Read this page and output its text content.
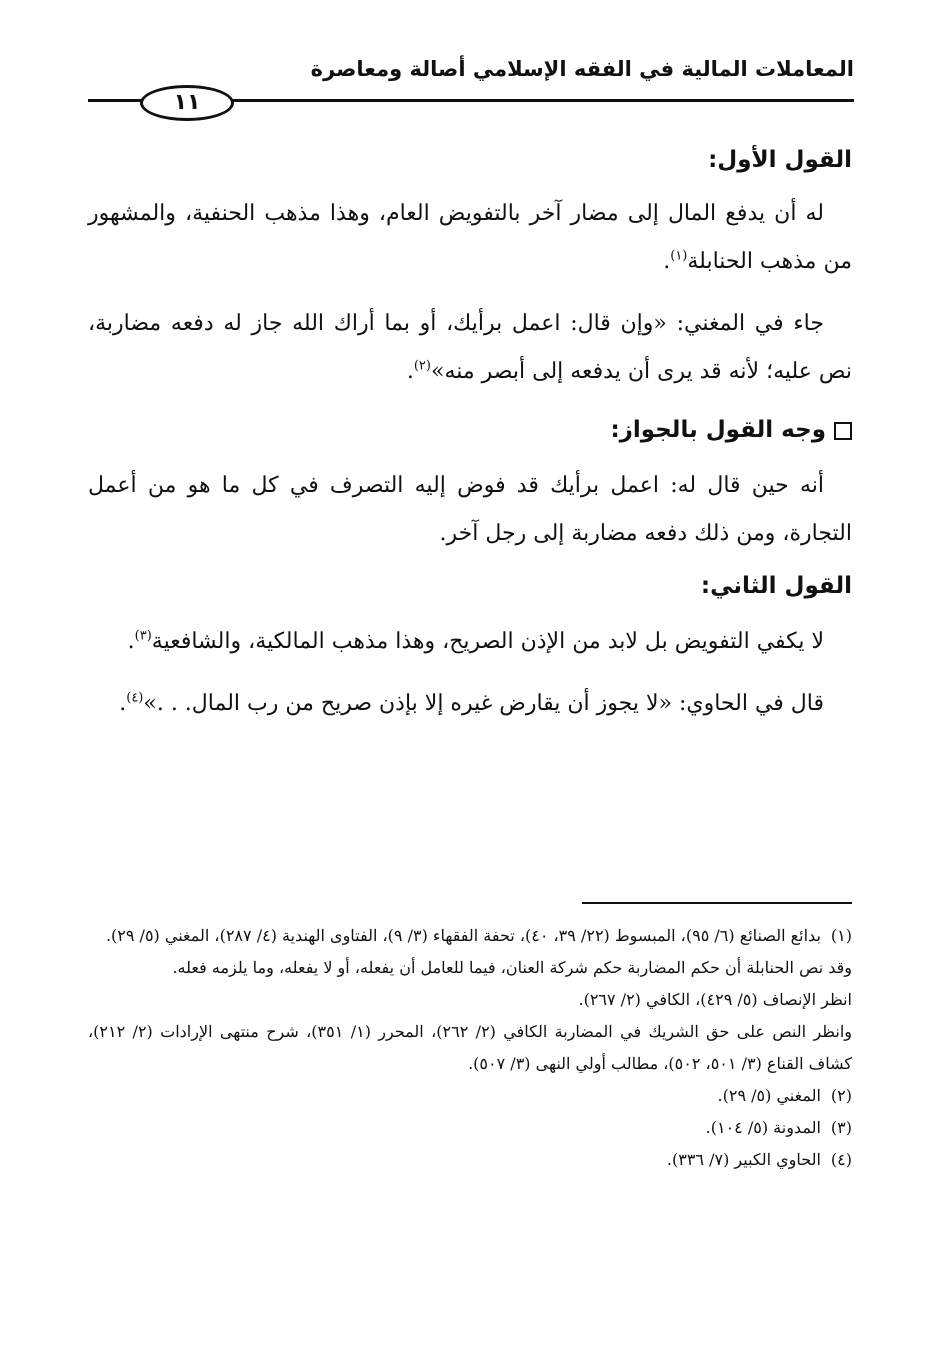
المعاملات المالية في الفقه الإسلامي أصالة ومعاصرة
١١

القول الأول:

له أن يدفع المال إلى مضار آخر بالتفويض العام، وهذا مذهب الحنفية، والمشهور من مذهب الحنابلة$^{(١)}$.

جاء في المغني: «وإن قال: اعمل برأيك، أو بما أراك الله جاز له دفعه مضاربة، نص عليه؛ لأنه قد يرى أن يدفعه إلى أبصر منه»$^{(٢)}$.

وجه القول بالجواز:

أنه حين قال له: اعمل برأيك قد فوض إليه التصرف في كل ما هو من أعمل التجارة، ومن ذلك دفعه مضاربة إلى رجل آخر.

القول الثاني:

لا يكفي التفويض بل لابد من الإذن الصريح، وهذا مذهب المالكية، والشافعية$^{(٣)}$.

قال في الحاوي: «لا يجوز أن يقارض غيره إلا بإذن صريح من رب المال. . .»$^{(٤)}$.

(١)بدائع الصنائع (٦/ ٩٥)، المبسوط (٢٢/ ٣٩، ٤٠)، تحفة الفقهاء (٣/ ٩)، الفتاوى الهندية (٤/ ٢٨٧)، المغني (٥/ ٢٩).

وقد نص الحنابلة أن حكم المضاربة حكم شركة العنان، فيما للعامل أن يفعله، أو لا يفعله، وما يلزمه فعله.

انظر الإنصاف (٥/ ٤٢٩)، الكافي (٢/ ٢٦٧).

وانظر النص على حق الشريك في المضاربة الكافي (٢/ ٢٦٢)، المحرر (١/ ٣٥١)، شرح منتهى الإرادات (٢/ ٢١٢)، كشاف القناع (٣/ ٥٠١، ٥٠٢)، مطالب أولي النهى (٣/ ٥٠٧).

(٢)المغني (٥/ ٢٩).

(٣)المدونة (٥/ ١٠٤).

(٤)الحاوي الكبير (٧/ ٣٣٦).
